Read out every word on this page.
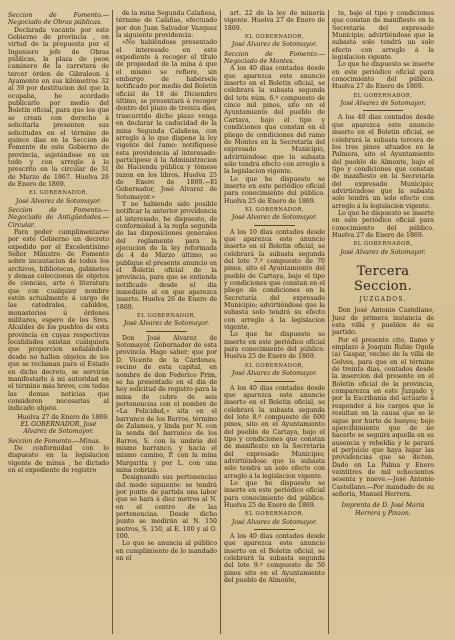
Seccion de Fomento.—Negociado de Obras públicas.

Declarada vacante por este Gobierno de provincia , en virtud de la propuesta por el Ingeniero jefe de Obras públicas, la plaza de peon caminero de la carretera de tercer órden de Gibraleon á Ayamonte en sus kilómetros 32 al 39 por destitucion del que la ocupaba, he acordado publicarlo por medio del Boletin oficial, para que los que se crean con derecho á solicitarla presenten sus solicitudes en el término de quince dias en la Seccion de Fomento de este Gobierno de provincia, sujetándose en un todo y con arreglo á lo prescrito en la circular de 31 de Marzo de 1867. Huelva 26 de Enero de 1869.

EL GOBERNADOR,

José Alvarez de Sotomayor.

Seccion de Fomento.—Negociado de Antigüedades.—Circular.

Para poder cumplimentarse por este Gobierno un decreto expedido por el Excelentísimo Señor Ministro de Fomento sobre incautacion de todos los archivos, bibliotecas, gabinetes y demas colecciones de objetos de ciencias, arte ó literatura que con cualquier nombre estén actualmente á cargo de las catedrales, cabildos, monasterios ú órdenes militares, espero de los Sres. Alcaldes de los pueblos de esta provincia en cuyas respectivas localidades existan cualquiera que proporcion señalándole desde no hallen objetos de los que se reclaman para el Estado en dicho decreto, se servirán manifestarlo á mi autoridad en el término más breve, con todas las demas noticias que consideren necesarias al indicado objeto.

Huelva 27 de Enero de 1869.

EL GOBERNADOR, José Alvarez de Sotomayor.

Seccion de Fomento.—Minas.

De conformidad con lo dispuesto en la legislacion vigente de minas , he dictado en el expediente de registro

de la mina Segunda Calañesa, término de Calañas, efectuado por don Juan Salvador Vazquez la siguiente providencia.

«No habiéndose presentado el interesado en este expediente á recoger el título de propiedad de la mina á que el mismo se refiere, sin embargo de habérsele notificado por medio del Boletin oficial de 18 de Diciembre último, se presentará á recoger dentro del plazo de treinta dias, trascurrido dicho plazo venga en declarar la caducidad de la mina Segunda Calañesa, con arreglo á lo que dispone la ley vigente del ramo: notifíquese esta providencia al interesado: participese á la Administracion de Hacienda pública y tómese razon en los libros. Huelva 25 de Enero de 1869.—El Gobernador, José Alvarez de Sotomayor.»

Y no habiendo sido posible notificar la anterior providencia al interesado, he dispuesto, de conformidad á la regla segunda de las disposiciones generales del reglamento para la ejecucion de la ley reformada de 4 de Marzo último, se publique el presente anuncio en el Boletin oficial de la provincia, para que se entienda notificado desde el dia inmediato al en que aparezca inserto. Huelva 26 de Enero de 1869.

EL GOBERNADOR,

José Alvarez de Sotomayor.

Don José Alvarez de Sotomayor, Gobernador de esta provincia. Hago saber: que por D. Vicente de la Cárdenas, vecino de esta capital, en nombre de don Federico Prim, se ha presentado en el dia de hoy solicitud de registro para la mina de cobre de seis pertenencias con el nombre de «La Felicidad,» sita en el barranco de los Barros, término de Zalamea, y linda por N. con la senda del barranco de los Barros, S. con la umbría del mismo barranco, y hacia el mismo camino, P. con la mina Margarita y por L. con una mina cobriza.

Designando sus pertenencias del modo siguiente: se tendrá por punto de partida una labor que se hará á diez metros al N. en el centro de las pertenencias. Desde dicho punto se medirán al N. 150 metros, S. 150, al E. 100 y al O. 100.

Lo que se anuncia al público en cumplimiento de lo mandado en el

art. 22 de la ley de minería vigente. Huelva 27 de Enero de 1869.

EL GOBERNADOR,

José Alvarez de Sotomayor.

Seccion de Fomento.—Negociado de Montes.

A los 40 dias contados desde que aparezca este anuncio inserto en el Boletin oficial, se celebrará la subasta segunda del tote núm. 6.º compuesto de cinco mil pinos, sito en el Ayuntamiento del pueblo de Cartaya, bajo el tipo y condiciones que constan en el pliego de condiciones del ramo de Montes en la Secretaría del expresado Municipio, advirtiéndose que la subasta sólo tendrá efecto con arreglo á la legislacion vigente.

Lo que he dispuesto se inserte en este periódico oficial para conocimiento del público. Huelva 25 de Enero de 1869.

EL GOBERNADOR,

José Alvarez de Sotomayor.

A los 10 dias contados desde que aparezca este anuncio inserto en el Boletin oficial, se celebrará la subasta segunda del lote 7.º compuesto de 70 pinos, sito el Ayuntamiento del pueblo de Cartaya, bajo el tipo y condiciones que constan en el pliego de condiciones en la Secretaría del expresado Municipio; advirtiéndose que la subasta solo tendrá su efecto con arreglo á la legislacion vigente.

Lo que he dispuesto se inserte en este periódico oficial para conocimiento del público. Huelva 25 de Enero de 1869.

EL GOBERNADOR,

José Alvarez de Sotomayor.

A los 40 dias contados desde que aparezca este anuncio inserto en el Boletin oficial, se celebrará la subasta segunda del lote 8.º compuesto de 600 pinos, sito en el Ayuntamiento del pueblo de Cartaya, bajo el tipo y condiciones que constan de manifiesto en la Secretaría del expresado Municipio; advirtiéndose que la subasta sólo tendrá un solo efecto con arreglo á la legislacion vigente.

Lo que he dispuesto se inserte en este periódico oficial para conocimiento del público. Huelva 25 de Enero de 1869.

EL GOBERNADOR,

José Alvarez de Sotomayor.

A los 40 dias contados desde que aparezca este anuncio inserto en el Boletin oficial, se celebrará la subasta segunda del lote 9.º compuesto de 50 pinos sito en el Ayuntamiento del pueblo de Almonte,

te, bajo el tipo y condiciones que constan de manifiesto en la Secretaría del expresado Municipio; advirtiéndose que la subasta solo tendrá un solo efecto con arreglo á la legislacion vigente.

Lo que he dispuesto se inserte en este periódico oficial para conocimiento del público. Huelva 27 de Enero de 1869.

EL GOBERNADOR,

José Alvarez de Sotomayor.

A los 40 dias contados desde que aparezca este anuncio inserto en el Boletin oficial, se celebrará la subasta tercera de los tres pinos situados en la Palmera, sito el Ayuntamiento del pueblo de Almonte, bajo el tipo y condiciones que constan de manifiesto en la Secretaría del expresado Municipio; advirtiéndose que la subasta solo tendrá un solo efecto con arreglo á la legislacion vigente.

Lo que he dispuesto se inserte en este periódico oficial para conocimiento del público. Huelva 27 de Enero de 1869.

EL GOBERNADOR,

José Alvarez de Sotomayor.

Tercera Seccion.
JUZGADOS.

Don José Antonio Castellano, Juez de primera instancia de esta villa y pueblos de su partido.

Por el presente cito, llamo y emplazo á Joaquin Rubio Ogola (a) Gaspar, vecino de la villa de Gelves, para que en el término de treinta dias, contados desde la insercion del presente en el Boletin oficial de la provincia, comparezca en este Juzgado y por la Escribanía del actuario á responder á los cargos que le resultan en la causa que se le sigue por hurto de bueyes; bajo apercibimiento que de no hacerlo se seguirá aquella en su ausencia y rebeldía y le parará el perjuicio que haya lugar las providencias que se dicten. Dado en La Palma y Enero veintitres de mil ochocientos sesenta y nueve.—José Antonio Castellano.—Por mandado de su señoría, Manuel Herrera.

Imprenta de D. José María Herrera y Pinzon.
